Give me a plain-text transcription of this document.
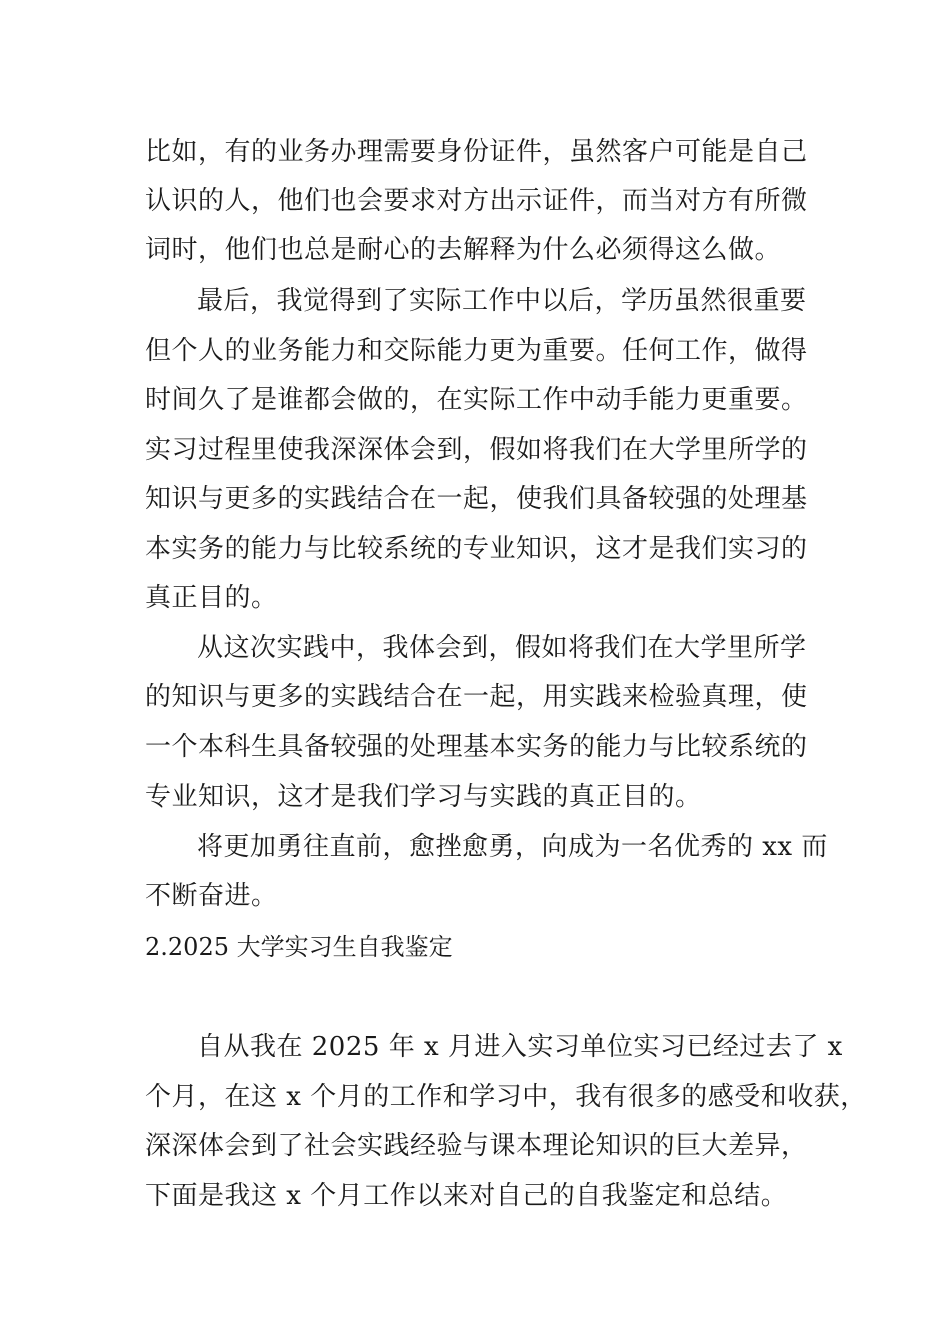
比如，有的业务办理需要身份证件，虽然客户可能是自己
认识的人，他们也会要求对方出示证件，而当对方有所微
词时，他们也总是耐心的去解释为什么必须得这么做。
最后，我觉得到了实际工作中以后，学历虽然很重要
但个人的业务能力和交际能力更为重要。任何工作，做得
时间久了是谁都会做的，在实际工作中动手能力更重要。
实习过程里使我深深体会到，假如将我们在大学里所学的
知识与更多的实践结合在一起，使我们具备较强的处理基
本实务的能力与比较系统的专业知识，这才是我们实习的
真正目的。
从这次实践中，我体会到，假如将我们在大学里所学
的知识与更多的实践结合在一起，用实践来检验真理，使
一个本科生具备较强的处理基本实务的能力与比较系统的
专业知识，这才是我们学习与实践的真正目的。
将更加勇往直前，愈挫愈勇，向成为一名优秀的 xx 而
不断奋进。
2.2025 大学实习生自我鉴定
自从我在 2025 年 x 月进入实习单位实习已经过去了 x
个月，在这 x 个月的工作和学习中，我有很多的感受和收获，
深深体会到了社会实践经验与课本理论知识的巨大差异，
下面是我这 x 个月工作以来对自己的自我鉴定和总结。
